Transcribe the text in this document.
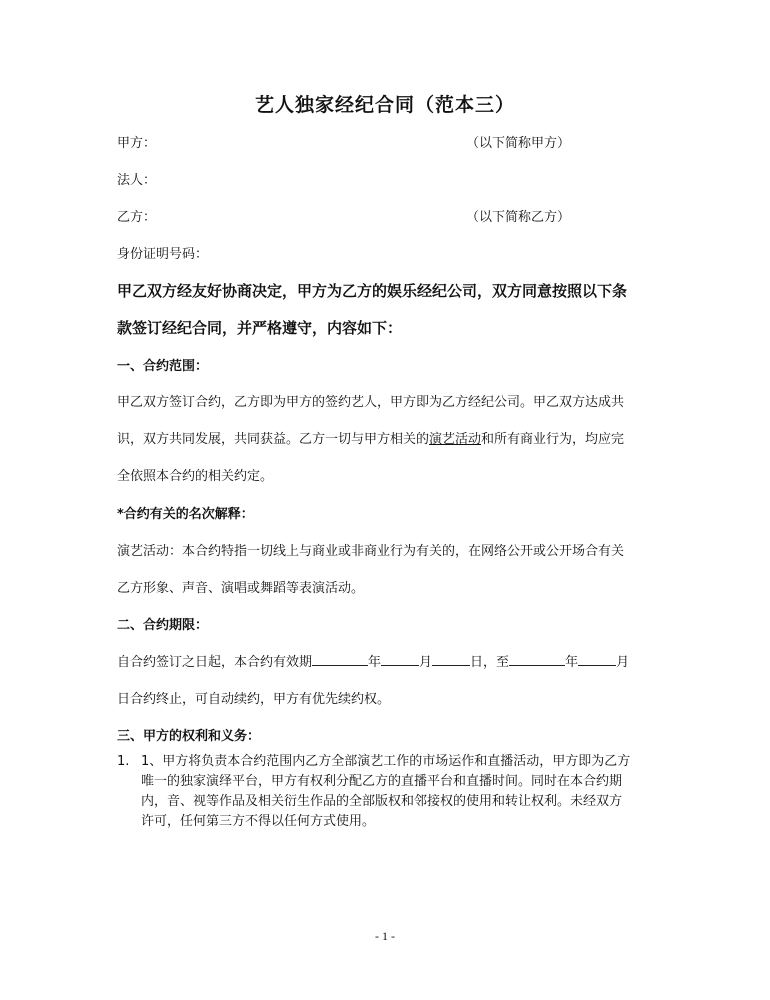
艺人独家经纪合同（范本三）
甲方：	（以下简称甲方）
法人：
乙方：	（以下简称乙方）
身份证明号码：
甲乙双方经友好协商决定，甲方为乙方的娱乐经纪公司，双方同意按照以下条
款签订经纪合同，并严格遵守，内容如下：
一、合约范围：
甲乙双方签订合约，乙方即为甲方的签约艺人，甲方即为乙方经纪公司。甲乙双方达成共
识，双方共同发展，共同获益。乙方一切与甲方相关的演艺活动和所有商业行为，均应完
全依照本合约的相关约定。
*合约有关的名次解释：
演艺活动：本合约特指一切线上与商业或非商业行为有关的，在网络公开或公开场合有关
乙方形象、声音、演唱或舞蹈等表演活动。
二、合约期限：
自合约签订之日起，本合约有效期	年	月	日，至	年	月
日合约终止，可自动续约，甲方有优先续约权。
三、甲方的权利和义务：
1. 1、甲方将负责本合约范围内乙方全部演艺工作的市场运作和直播活动，甲方即为乙方
唯一的独家演绎平台，甲方有权利分配乙方的直播平台和直播时间。同时在本合约期
内，音、视等作品及相关衍生作品的全部版权和邻接权的使用和转让权利。未经双方
许可，任何第三方不得以任何方式使用。
- 1 -
